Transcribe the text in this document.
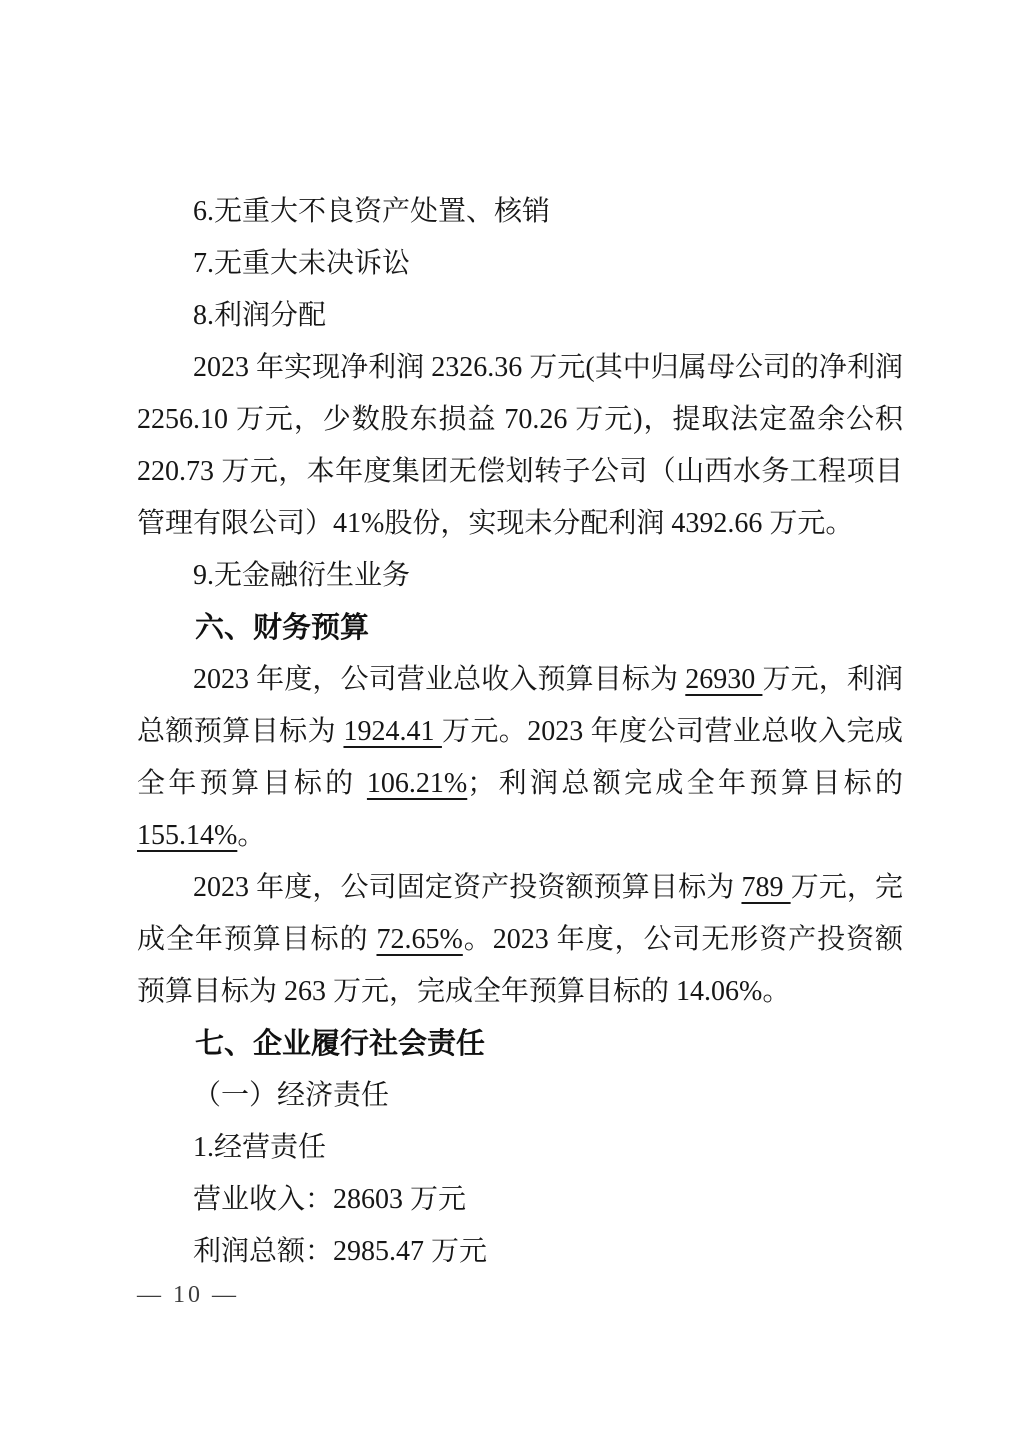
6.无重大不良资产处置、核销

7.无重大未决诉讼

8.利润分配

2023 年实现净利润 2326.36 万元(其中归属母公司的净利润 2256.10 万元，少数股东损益 70.26 万元)，提取法定盈余公积 220.73 万元，本年度集团无偿划转子公司（山西水务工程项目管理有限公司）41%股份，实现未分配利润 4392.66 万元。

9.无金融衍生业务

六、财务预算

2023 年度，公司营业总收入预算目标为 26930 万元，利润总额预算目标为 1924.41 万元。2023 年度公司营业总收入完成全年预算目标的 106.21%；利润总额完成全年预算目标的 155.14%。

2023 年度，公司固定资产投资额预算目标为 789 万元，完成全年预算目标的 72.65%。2023 年度，公司无形资产投资额预算目标为 263 万元，完成全年预算目标的 14.06%。

七、企业履行社会责任

（一）经济责任

1.经营责任

营业收入：28603 万元

利润总额：2985.47 万元

— 10 —
